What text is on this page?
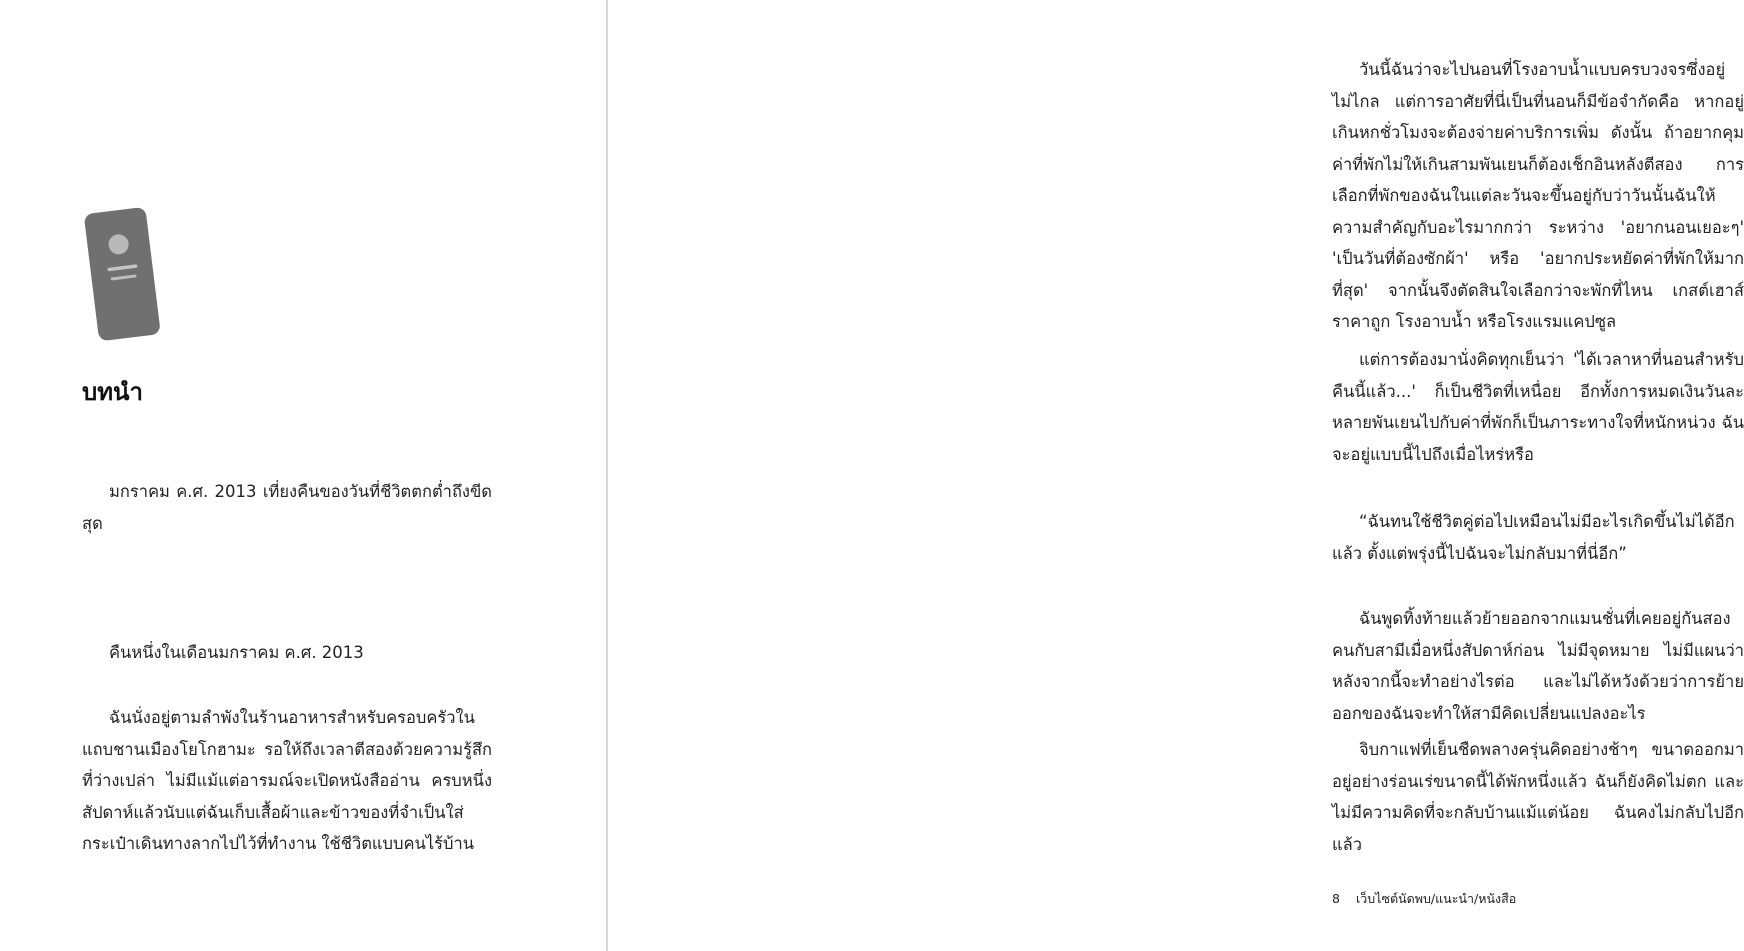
บทนำ

มกราคม ค.ศ. 2013 เที่ยงคืนของวันที่ชีวิตตกต่ำถึงขีดสุด

คืนหนึ่งในเดือนมกราคม ค.ศ. 2013

ฉันนั่งอยู่ตามลำพังในร้านอาหารสำหรับครอบครัวในแถบชานเมืองโยโกฮามะ รอให้ถึงเวลาตีสองด้วยความรู้สึกที่ว่างเปล่า ไม่มีแม้แต่อารมณ์จะเปิดหนังสืออ่าน ครบหนึ่งสัปดาห์แล้วนับแต่ฉันเก็บเสื้อผ้าและข้าวของที่จำเป็นใส่กระเป๋าเดินทางลากไปไว้ที่ทำงาน ใช้ชีวิตแบบคนไร้บ้าน

วันนี้ฉันว่าจะไปนอนที่โรงอาบน้ำแบบครบวงจรซึ่งอยู่ไม่ไกล แต่การอาศัยที่นี่เป็นที่นอนก็มีข้อจำกัดคือ หากอยู่เกินหกชั่วโมงจะต้องจ่ายค่าบริการเพิ่ม ดังนั้น ถ้าอยากคุมค่าที่พักไม่ให้เกินสามพันเยนก็ต้องเช็กอินหลังตีสอง การเลือกที่พักของฉันในแต่ละวันจะขึ้นอยู่กับว่าวันนั้นฉันให้ความสำคัญกับอะไรมากกว่า ระหว่าง 'อยากนอนเยอะๆ' 'เป็นวันที่ต้องซักผ้า' หรือ 'อยากประหยัดค่าที่พักให้มากที่สุด' จากนั้นจึงตัดสินใจเลือกว่าจะพักที่ไหน เกสต์เฮาส์ราคาถูก โรงอาบน้ำ หรือโรงแรมแคปซูล

แต่การต้องมานั่งคิดทุกเย็นว่า 'ได้เวลาหาที่นอนสำหรับคืนนี้แล้ว...' ก็เป็นชีวิตที่เหนื่อย อีกทั้งการหมดเงินวันละหลายพันเยนไปกับค่าที่พักก็เป็นภาระทางใจที่หนักหน่วง ฉันจะอยู่แบบนี้ไปถึงเมื่อไหร่หรือ

“ฉันทนใช้ชีวิตคู่ต่อไปเหมือนไม่มีอะไรเกิดขึ้นไม่ได้อีกแล้ว ตั้งแต่พรุ่งนี้ไปฉันจะไม่กลับมาที่นี่อีก”

ฉันพูดทิ้งท้ายแล้วย้ายออกจากแมนชั่นที่เคยอยู่กันสองคนกับสามีเมื่อหนึ่งสัปดาห์ก่อน ไม่มีจุดหมาย ไม่มีแผนว่าหลังจากนี้จะทำอย่างไรต่อ และไม่ได้หวังด้วยว่าการย้ายออกของฉันจะทำให้สามีคิดเปลี่ยนแปลงอะไร

จิบกาแฟที่เย็นชืดพลางครุ่นคิดอย่างช้าๆ ขนาดออกมาอยู่อย่างร่อนเร่ขนาดนี้ได้พักหนึ่งแล้ว ฉันก็ยังคิดไม่ตก และไม่มีความคิดที่จะกลับบ้านแม้แต่น้อย ฉันคงไม่กลับไปอีกแล้ว

8 เว็บไซต์นัดพบ/แนะนำ/หนังสือ
